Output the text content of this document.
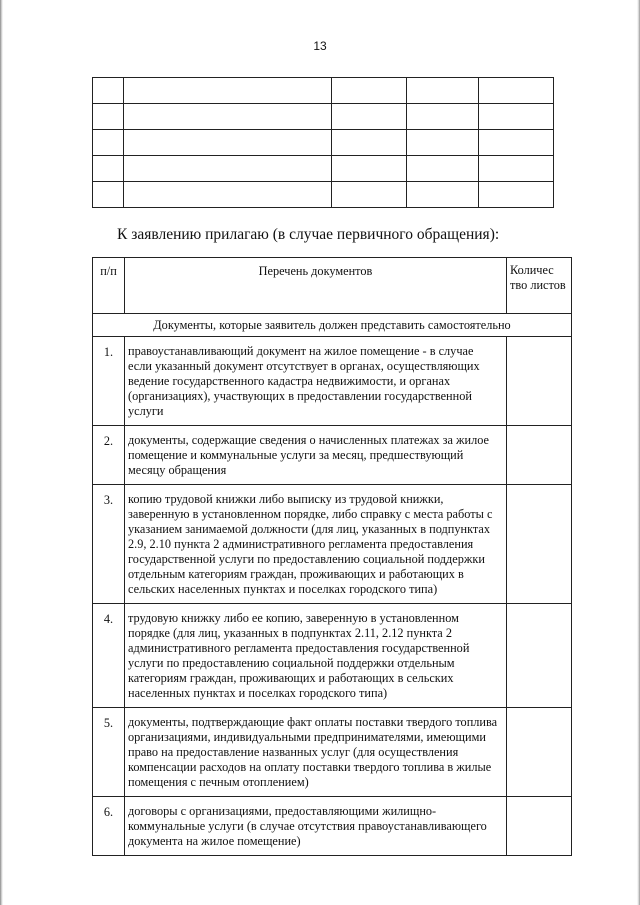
13

К заявлению прилагаю (в случае первичного обращения):
п/п	Перечень документов	Количес тво листов
Документы, которые заявитель должен представить самостоятельно		
1.	правоустанавливающий документ на жилое помещение - в случае если указанный документ отсутствует в органах, осуществляющих ведение государственного кадастра недвижимости, и органах (организациях), участвующих в предоставлении государственной услуги	
2.	документы, содержащие сведения о начисленных платежах за жилое помещение и коммунальные услуги за месяц, предшествующий месяцу обращения	
3.	копию трудовой книжки либо выписку из трудовой книжки, заверенную в установленном порядке, либо справку с места работы с указанием занимаемой должности (для лиц, указанных в подпунктах 2.9, 2.10 пункта 2 административного регламента предоставления государственной услуги по предоставлению социальной поддержки отдельным категориям граждан, проживающих и работающих в сельских населенных пунктах и поселках городского типа)	
4.	трудовую книжку либо ее копию, заверенную в установленном порядке (для лиц, указанных в подпунктах 2.11, 2.12 пункта 2 административного регламента предоставления государственной услуги по предоставлению социальной поддержки отдельным категориям граждан, проживающих и работающих в сельских населенных пунктах и поселках городского типа)	
5.	документы, подтверждающие факт оплаты поставки твердого топлива организациями, индивидуальными предпринимателями, имеющими право на предоставление названных услуг (для осуществления компенсации расходов на оплату поставки твердого топлива в жилые помещения с печным отоплением)	
6.	договоры с организациями, предоставляющими жилищно-коммунальные услуги (в случае отсутствия правоустанавливающего документа на жилое помещение)	
